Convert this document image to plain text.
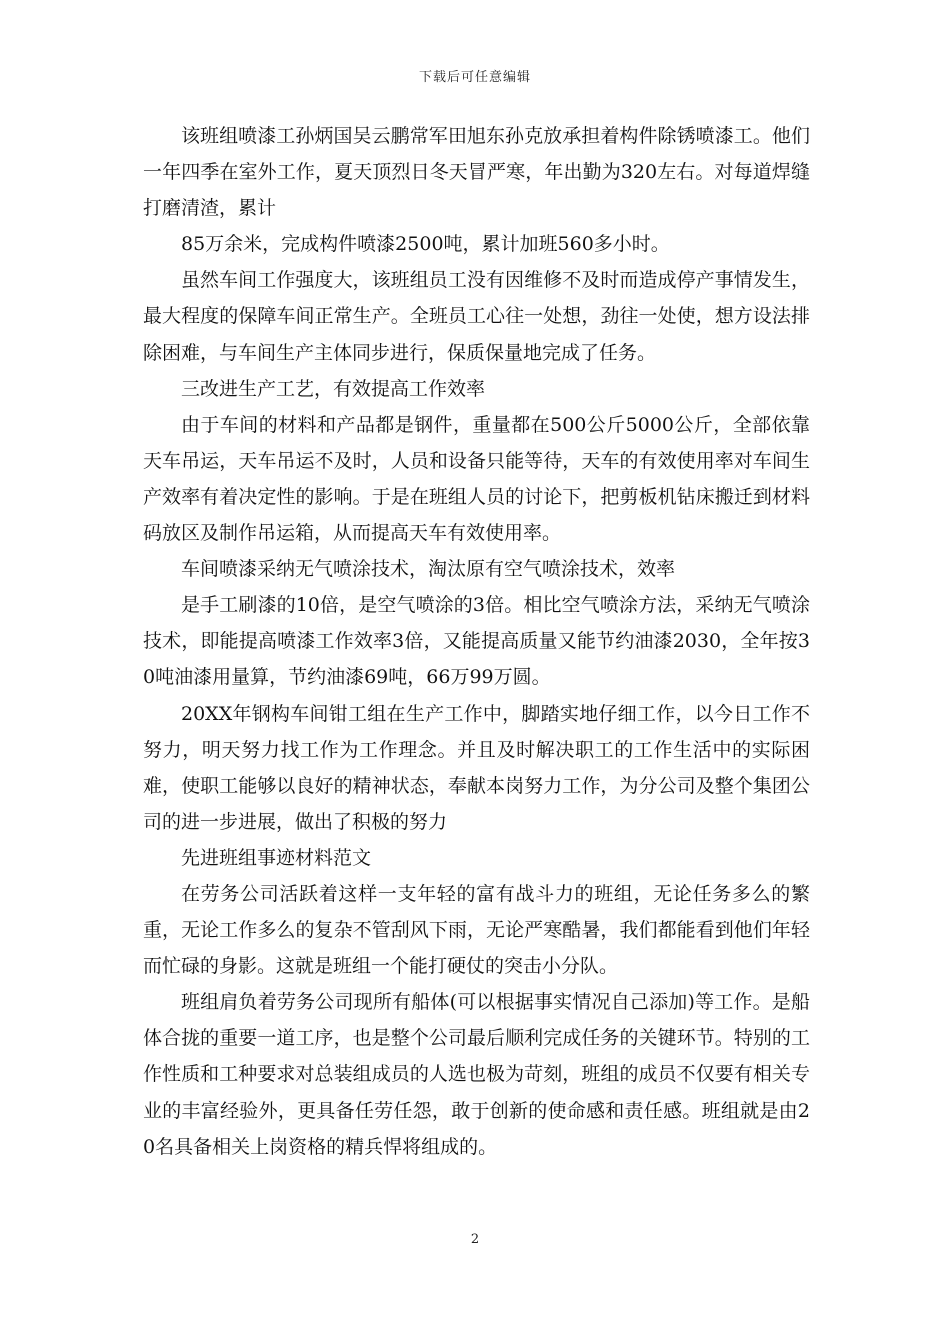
下载后可任意编辑

该班组喷漆工孙炳国吴云鹏常军田旭东孙克放承担着构件除锈喷漆工。他们一年四季在室外工作，夏天顶烈日冬天冒严寒，年出勤为320左右。对每道焊缝打磨清渣，累计

85万余米，完成构件喷漆2500吨，累计加班560多小时。

虽然车间工作强度大，该班组员工没有因维修不及时而造成停产事情发生，最大程度的保障车间正常生产。全班员工心往一处想，劲往一处使，想方设法排除困难，与车间生产主体同步进行，保质保量地完成了任务。

三改进生产工艺，有效提高工作效率

由于车间的材料和产品都是钢件，重量都在500公斤5000公斤，全部依靠天车吊运，天车吊运不及时，人员和设备只能等待，天车的有效使用率对车间生产效率有着决定性的影响。于是在班组人员的讨论下，把剪板机钻床搬迁到材料码放区及制作吊运箱，从而提高天车有效使用率。

车间喷漆采纳无气喷涂技术，淘汰原有空气喷涂技术，效率

是手工刷漆的10倍，是空气喷涂的3倍。相比空气喷涂方法，采纳无气喷涂技术，即能提高喷漆工作效率3倍，又能提高质量又能节约油漆2030，全年按30吨油漆用量算，节约油漆69吨，66万99万圆。

20XX年钢构车间钳工组在生产工作中，脚踏实地仔细工作，以今日工作不努力，明天努力找工作为工作理念。并且及时解决职工的工作生活中的实际困难，使职工能够以良好的精神状态，奉献本岗努力工作，为分公司及整个集团公司的进一步进展，做出了积极的努力

先进班组事迹材料范文

在劳务公司活跃着这样一支年轻的富有战斗力的班组，无论任务多么的繁重，无论工作多么的复杂不管刮风下雨，无论严寒酷暑，我们都能看到他们年轻而忙碌的身影。这就是班组一个能打硬仗的突击小分队。

班组肩负着劳务公司现所有船体(可以根据事实情况自己添加)等工作。是船体合拢的重要一道工序，也是整个公司最后顺利完成任务的关键环节。特别的工作性质和工种要求对总装组成员的人选也极为苛刻，班组的成员不仅要有相关专业的丰富经验外，更具备任劳任怨，敢于创新的使命感和责任感。班组就是由20名具备相关上岗资格的精兵悍将组成的。

2
